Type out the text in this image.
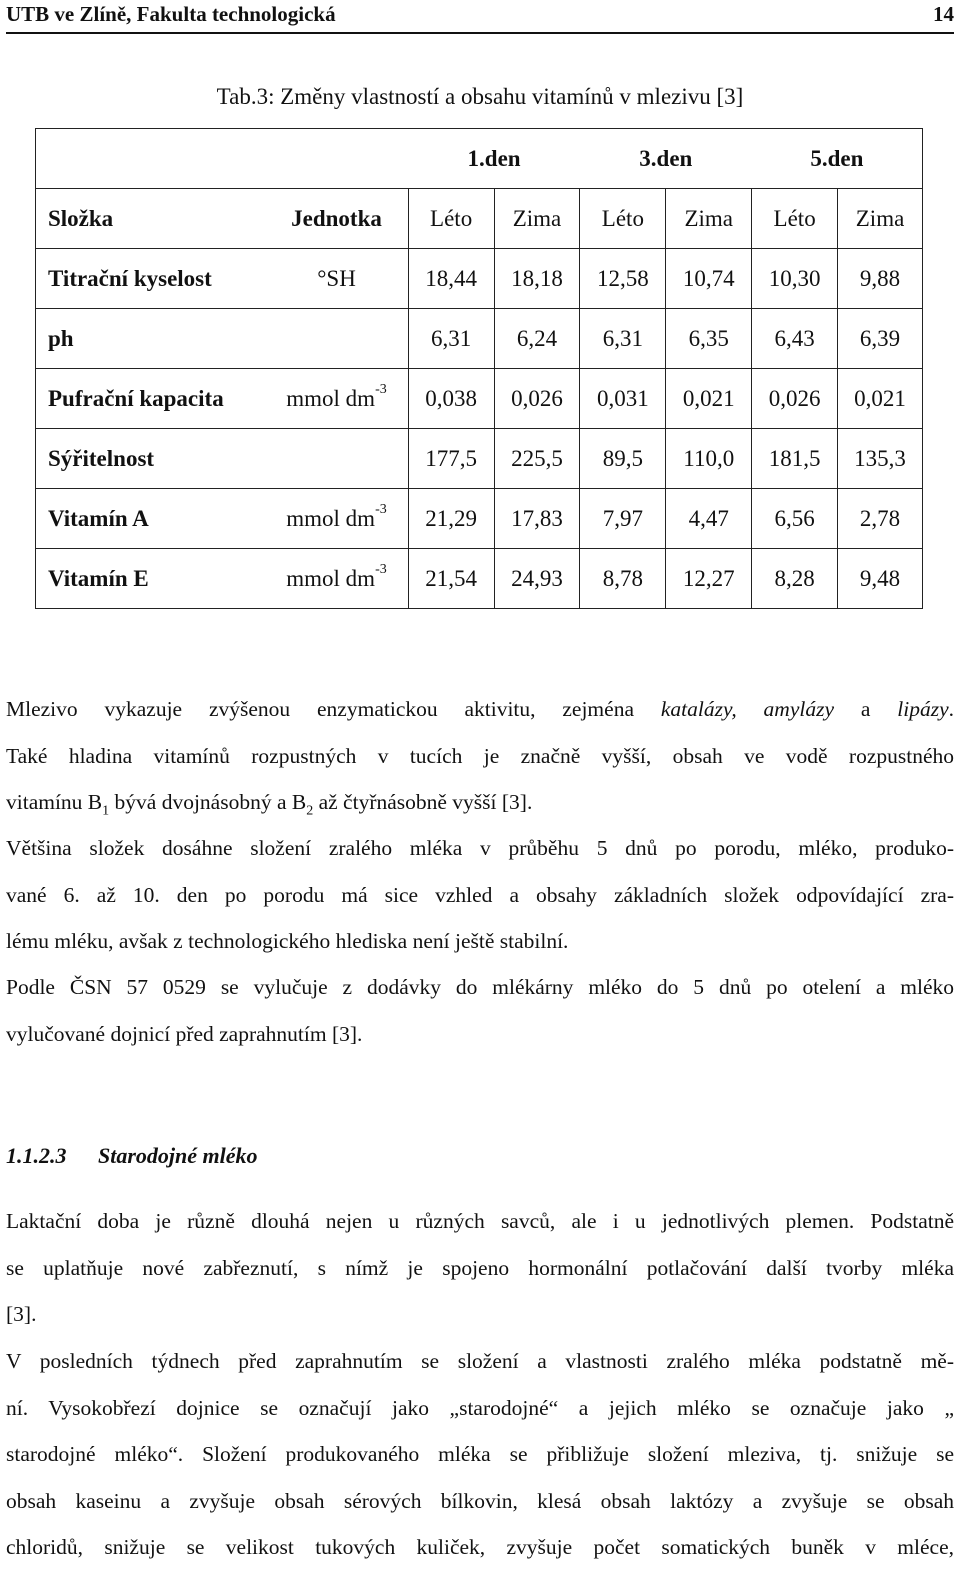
UTB ve Zlíně, Fakulta technologická	14
Tab.3: Změny vlastností a obsahu vitamínů v mlezivu [3]
		1.den		3.den		5.den	
Složka	Jednotka	Léto	Zima	Léto	Zima	Léto	Zima
Titrační kyselost	°SH	18,44	18,18	12,58	10,74	10,30	9,88
ph		6,31	6,24	6,31	6,35	6,43	6,39
Pufrační kapacita	mmol $dm^{-3}$	0,038	0,026	0,031	0,021	0,026	0,021
Sýřitelnost		177,5	225,5	89,5	110,0	181,5	135,3
Vitamín A	mmol $dm^{-3}$	21,29	17,83	7,97	4,47	6,56	2,78
Vitamín E	mmol $dm^{-3}$	21,54	24,93	8,78	12,27	8,28	9,48

Mlezivo vykazuje zvýšenou enzymatickou aktivitu, zejména katalázy, amylázy a lipázy.
Také hladina vitamínů rozpustných v tucích je značně vyšší, obsah ve vodě rozpustného
vitamínu $B_1$ bývá dvojnásobný a $B_2$ až čtyřnásobně vyšší [3].

Většina složek dosáhne složení zralého mléka v průběhu 5 dnů po porodu, mléko, produko-
vané 6. až 10. den po porodu má sice vzhled a obsahy základních složek odpovídající zra-
lému mléku, avšak z technologického hlediska není ještě stabilní.

Podle ČSN 57 0529 se vylučuje z dodávky do mlékárny mléko do 5 dnů po otelení a mléko
vylučované dojnicí před zaprahnutím [3].

1.1.2.3 Starodojné mléko

Laktační doba je různě dlouhá nejen u různých savců, ale i u jednotlivých plemen. Podstatně
se uplatňuje nové zabřeznutí, s nímž je spojeno hormonální potlačování další tvorby mléka
[3].

V posledních týdnech před zaprahnutím se složení a vlastnosti zralého mléka podstatně mě-
ní. Vysokobřezí dojnice se označují jako „starodojné“ a jejich mléko se označuje jako „
starodojné mléko“. Složení produkovaného mléka se přibližuje složení mleziva, tj. snižuje se
obsah kaseinu a zvyšuje obsah sérových bílkovin, klesá obsah laktózy a zvyšuje se obsah
chloridů, snižuje se velikost tukových kuliček, zvyšuje počet somatických buněk v mléce,
